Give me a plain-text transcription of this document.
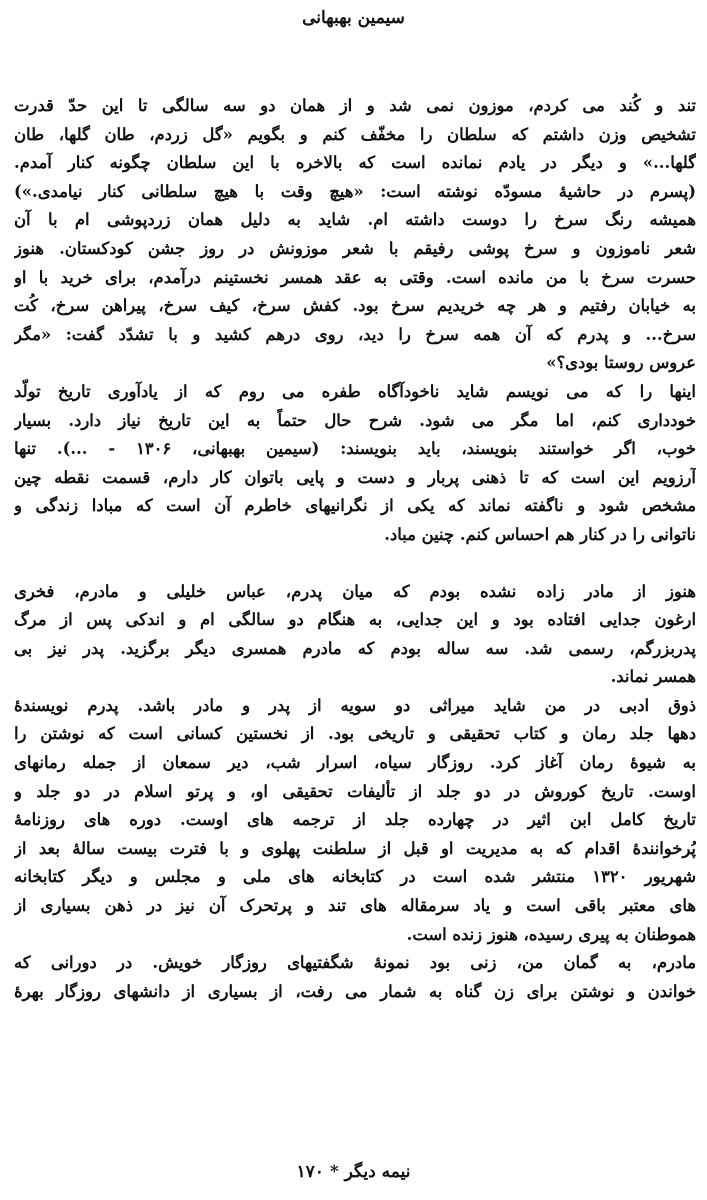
سیمین بهبهانی
تند و کُند می کردم، موزون نمی شد و از همان دو سه سالگی تا این حدّ قدرت
تشخیص وزن داشتم که سلطان را مخفّف کنم و بگویم «گل زردم، طان گلها، طان
گلها...» و دیگر در یادم نمانده است که بالاخره با این سلطان چگونه کنار آمدم.
(پسرم در حاشیهٔ مسودّه نوشته است: «هیچ وقت با هیچ سلطانی کنار نیامدی.»)
همیشه رنگ سرخ را دوست داشته ام. شاید به دلیل همان زردپوشی ام با آن
شعر ناموزون و سرخ پوشی رفیقم با شعر موزونش در روز جشن کودکستان. هنوز
حسرت سرخ با من مانده است. وقتی به عقد همسر نخستینم درآمدم، برای خرید با او
به خیابان رفتیم و هر چه خریدیم سرخ بود. کفش سرخ، کیف سرخ، پیراهن سرخ، کُت
سرخ... و پدرم که آن همه سرخ را دید، روی درهم کشید و با تشدّد گفت: «مگر
عروس روستا بودی؟»
اینها را که می نویسم شاید ناخودآگاه طفره می روم که از یادآوری تاریخ تولّد
خودداری کنم، اما مگر می شود. شرح حال حتماً به این تاریخ نیاز دارد. بسیار
خوب، اگر خواستند بنویسند، باید بنویسند: (سیمین بهبهانی، ۱۳۰۶ - ...). تنها
آرزویم این است که تا ذهنی پربار و دست و پایی باتوان کار دارم، قسمت نقطه چین
مشخص شود و ناگفته نماند که یکی از نگرانیهای خاطرم آن است که مبادا زندگی و
ناتوانی را در کنار هم احساس کنم. چنین مباد.
هنوز از مادر زاده نشده بودم که میان پدرم، عباس خلیلی و مادرم، فخری
ارغون جدایی افتاده بود و این جدایی، به هنگام دو سالگی ام و اندکی پس از مرگ
پدربزرگم، رسمی شد. سه ساله بودم که مادرم همسری دیگر برگزید. پدر نیز بی
همسر نماند.
ذوق ادبی در من شاید میراثی دو سویه از پدر و مادر باشد. پدرم نویسندهٔ
دهها جلد رمان و کتاب تحقیقی و تاریخی بود. از نخستین کسانی است که نوشتن را
به شیوهٔ رمان آغاز کرد. روزگار سیاه، اسرار شب، دیر سمعان از جمله رمانهای
اوست. تاریخ کوروش در دو جلد از تألیفات تحقیقی او، و پرتو اسلام در دو جلد و
تاریخ کامل ابن اثیر در چهارده جلد از ترجمه های اوست. دوره های روزنامهٔ
پُرخوانندهٔ اقدام که به مدیریت او قبل از سلطنت پهلوی و با فترت بیست سالهٔ بعد از
شهریور ۱۳۲۰ منتشر شده است در کتابخانه های ملی و مجلس و دیگر کتابخانه
های معتبر باقی است و یاد سرمقاله های تند و پرتحرک آن نیز در ذهن بسیاری از
هموطنان به پیری رسیده، هنوز زنده است.
مادرم، به گمان من، زنی بود نمونهٔ شگفتیهای روزگار خویش. در دورانی که
خواندن و نوشتن برای زن گناه به شمار می رفت، از بسیاری از دانشهای روزگار بهرهٔ
نیمه دیگر * ۱۷۰
